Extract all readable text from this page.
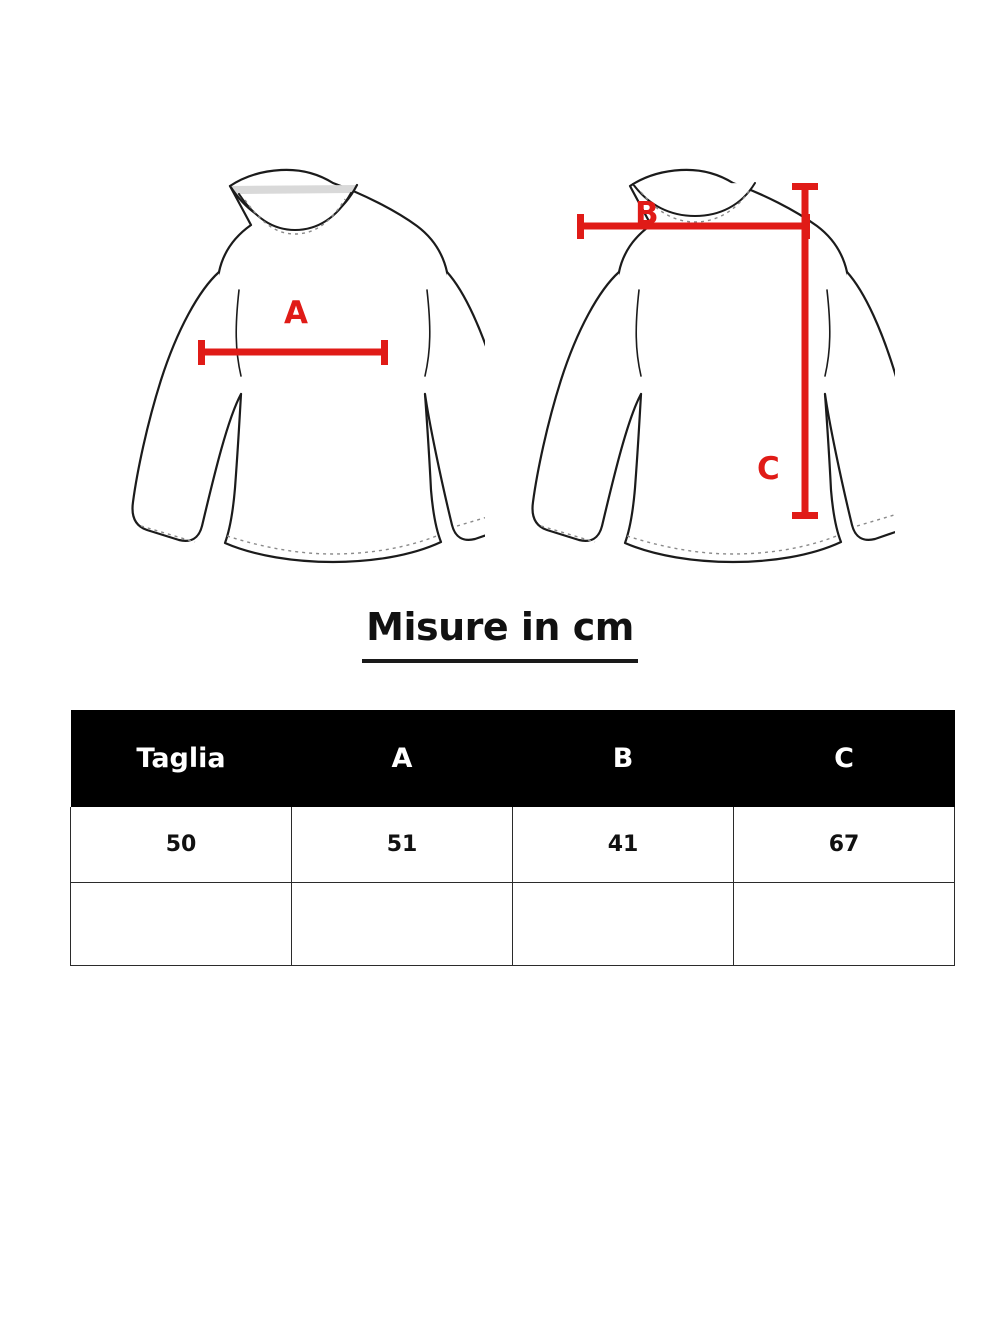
A
B
C
Misure in cm
Taglia	A	B	C
50	51	41	67
